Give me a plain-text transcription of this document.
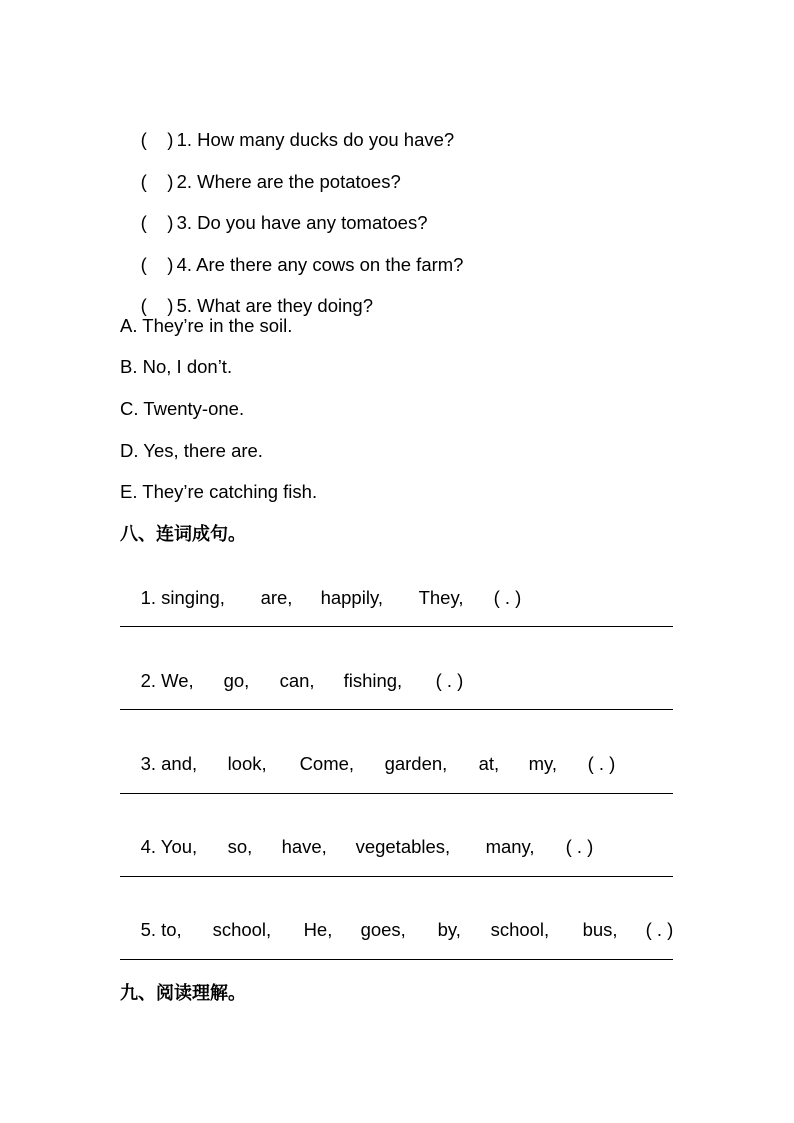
(    ) 1. How many ducks do you have?

(    ) 2. Where are the potatoes?

(    ) 3. Do you have any tomatoes?

(    ) 4. Are there any cows on the farm?

(    ) 5. What are they doing?

A. They’re in the soil.
B. No, I don’t.
C. Twenty-one.
D. Yes, there are.
E. They’re catching fish.
八、连词成句。

1. singing, are, happily, They, ( . )

2. We, go, can, fishing, ( . )

3. and, look, Come, garden, at, my, ( . )

4. You, so, have, vegetables, many, ( . )

5. to, school, He, goes, by, school, bus, ( . )

九、阅读理解。
